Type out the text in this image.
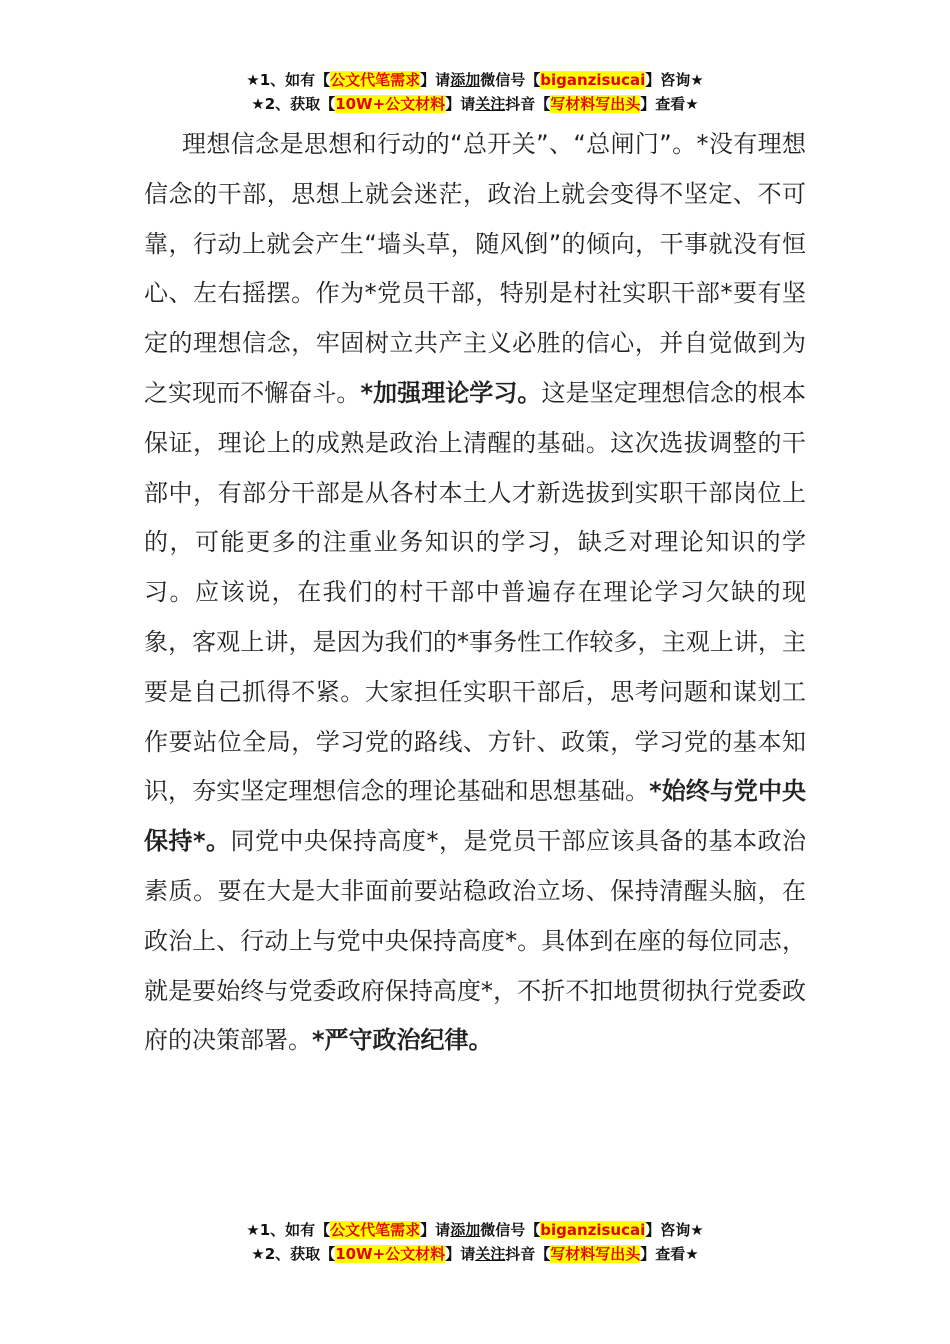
★1、如有【公文代笔需求】请添加微信号【biganzisucai】咨询★
★2、获取【10W+公文材料】请关注抖音【写材料写出头】查看★

理想信念是思想和行动的“总开关”、“总闸门”。*没有理想信念的干部，思想上就会迷茫，政治上就会变得不坚定、不可靠，行动上就会产生“墙头草，随风倒”的倾向，干事就没有恒心、左右摇摆。作为*党员干部，特别是村社实职干部*要有坚定的理想信念，牢固树立共产主义必胜的信心，并自觉做到为之实现而不懈奋斗。*加强理论学习。这是坚定理想信念的根本保证，理论上的成熟是政治上清醒的基础。这次选拔调整的干部中，有部分干部是从各村本土人才新选拔到实职干部岗位上的，可能更多的注重业务知识的学习，缺乏对理论知识的学习。应该说，在我们的村干部中普遍存在理论学习欠缺的现象，客观上讲，是因为我们的*事务性工作较多，主观上讲，主要是自己抓得不紧。大家担任实职干部后，思考问题和谋划工作要站位全局，学习党的路线、方针、政策，学习党的基本知识，夯实坚定理想信念的理论基础和思想基础。*始终与党中央保持*。同党中央保持高度*，是党员干部应该具备的基本政治素质。要在大是大非面前要站稳政治立场、保持清醒头脑，在政治上、行动上与党中央保持高度*。具体到在座的每位同志，就是要始终与党委政府保持高度*，不折不扣地贯彻执行党委政府的决策部署。*严守政治纪律。

★1、如有【公文代笔需求】请添加微信号【biganzisucai】咨询★
★2、获取【10W+公文材料】请关注抖音【写材料写出头】查看★
